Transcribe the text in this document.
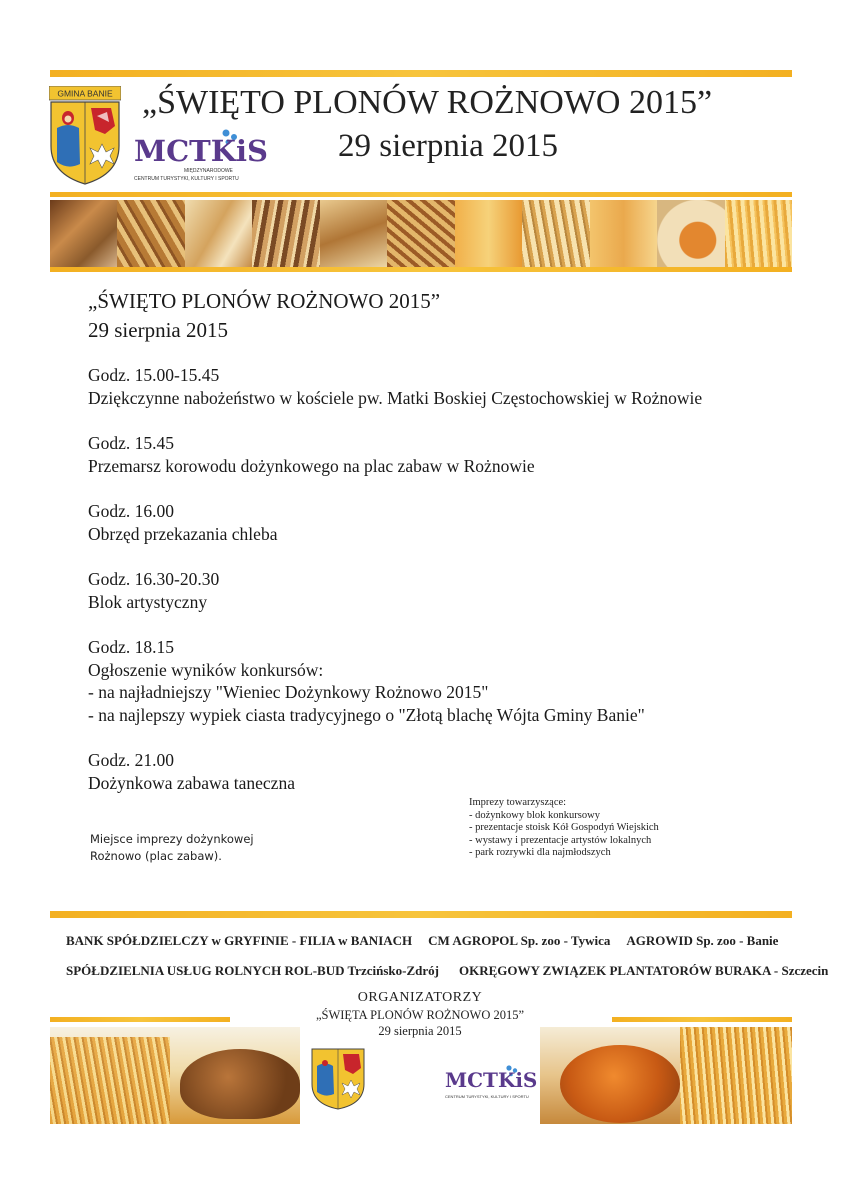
GMINA BANIE
MCTKiS
MIĘDZYNARODOWE
CENTRUM TURYSTYKI, KULTURY I SPORTU
„ŚWIĘTO PLONÓW ROŻNOWO 2015”
29 sierpnia 2015
„ŚWIĘTO PLONÓW ROŻNOWO 2015”
29 sierpnia 2015
Godz. 15.00-15.45
Dziękczynne nabożeństwo w kościele pw. Matki Boskiej Częstochowskiej w Rożnowie
Godz. 15.45
Przemarsz korowodu dożynkowego na plac zabaw w Rożnowie
Godz. 16.00
Obrzęd przekazania chleba
Godz. 16.30-20.30
Blok artystyczny
Godz. 18.15
Ogłoszenie wyników konkursów:
- na najładniejszy "Wieniec Dożynkowy Rożnowo 2015"
- na najlepszy wypiek ciasta tradycyjnego o "Złotą blachę Wójta Gminy Banie"
Godz. 21.00
Dożynkowa zabawa taneczna
Imprezy towarzyszące:
- dożynkowy blok konkursowy
- prezentacje stoisk Kół Gospodyń Wiejskich
- wystawy i prezentacje artystów lokalnych
- park rozrywki dla najmłodszych
Miejsce imprezy dożynkowej
Rożnowo (plac zabaw).
BANK SPÓŁDZIELCZY w GRYFINIE - FILIA w BANIACH CM AGROPOL Sp. zoo - Tywica AGROWID Sp. zoo - Banie
SPÓŁDZIELNIA USŁUG ROLNYCH ROL-BUD Trzcińsko-Zdrój OKRĘGOWY ZWIĄZEK PLANTATORÓW BURAKA - Szczecin
ORGANIZATORZY
„ŚWIĘTA PLONÓW ROŻNOWO 2015”
29 sierpnia 2015
MCTKiS
CENTRUM TURYSTYKI, KULTURY I SPORTU
